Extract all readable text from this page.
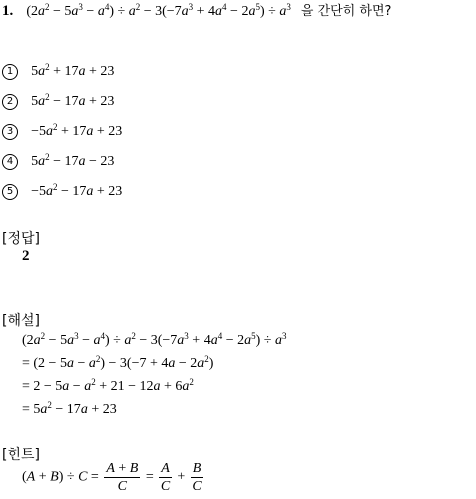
1. $(2a^2 - 5a^3 - a^4) \div a^2 - 3(-7a^3 + 4a^4 - 2a^5) \div a^3$ 을 간단히 하면?
1 $5a^2 + 17a + 23$
2 $5a^2 - 17a + 23$
$3 -5a^2 + 17a + 23$
4 $5a^2 - 17a - 23$
$5 -5a^2 - 17a + 23$
[정답]
2
[해설]
$(2a^2 - 5a^3 - a^4) \div a^2 - 3(-7a^3 + 4a^4 - 2a^5) \div a^3$
= $(2 - 5a - a^2) - 3(-7 + 4a - 2a^2)$
= $2 - 5a - a^2 + 21 - 12a + 6a^2$
= $5a^2 - 17a + 23$
[힌트]
$(A + B) \div C = \frac{A + B}{C} = \frac{A}{C} + \frac{B}{C}$
